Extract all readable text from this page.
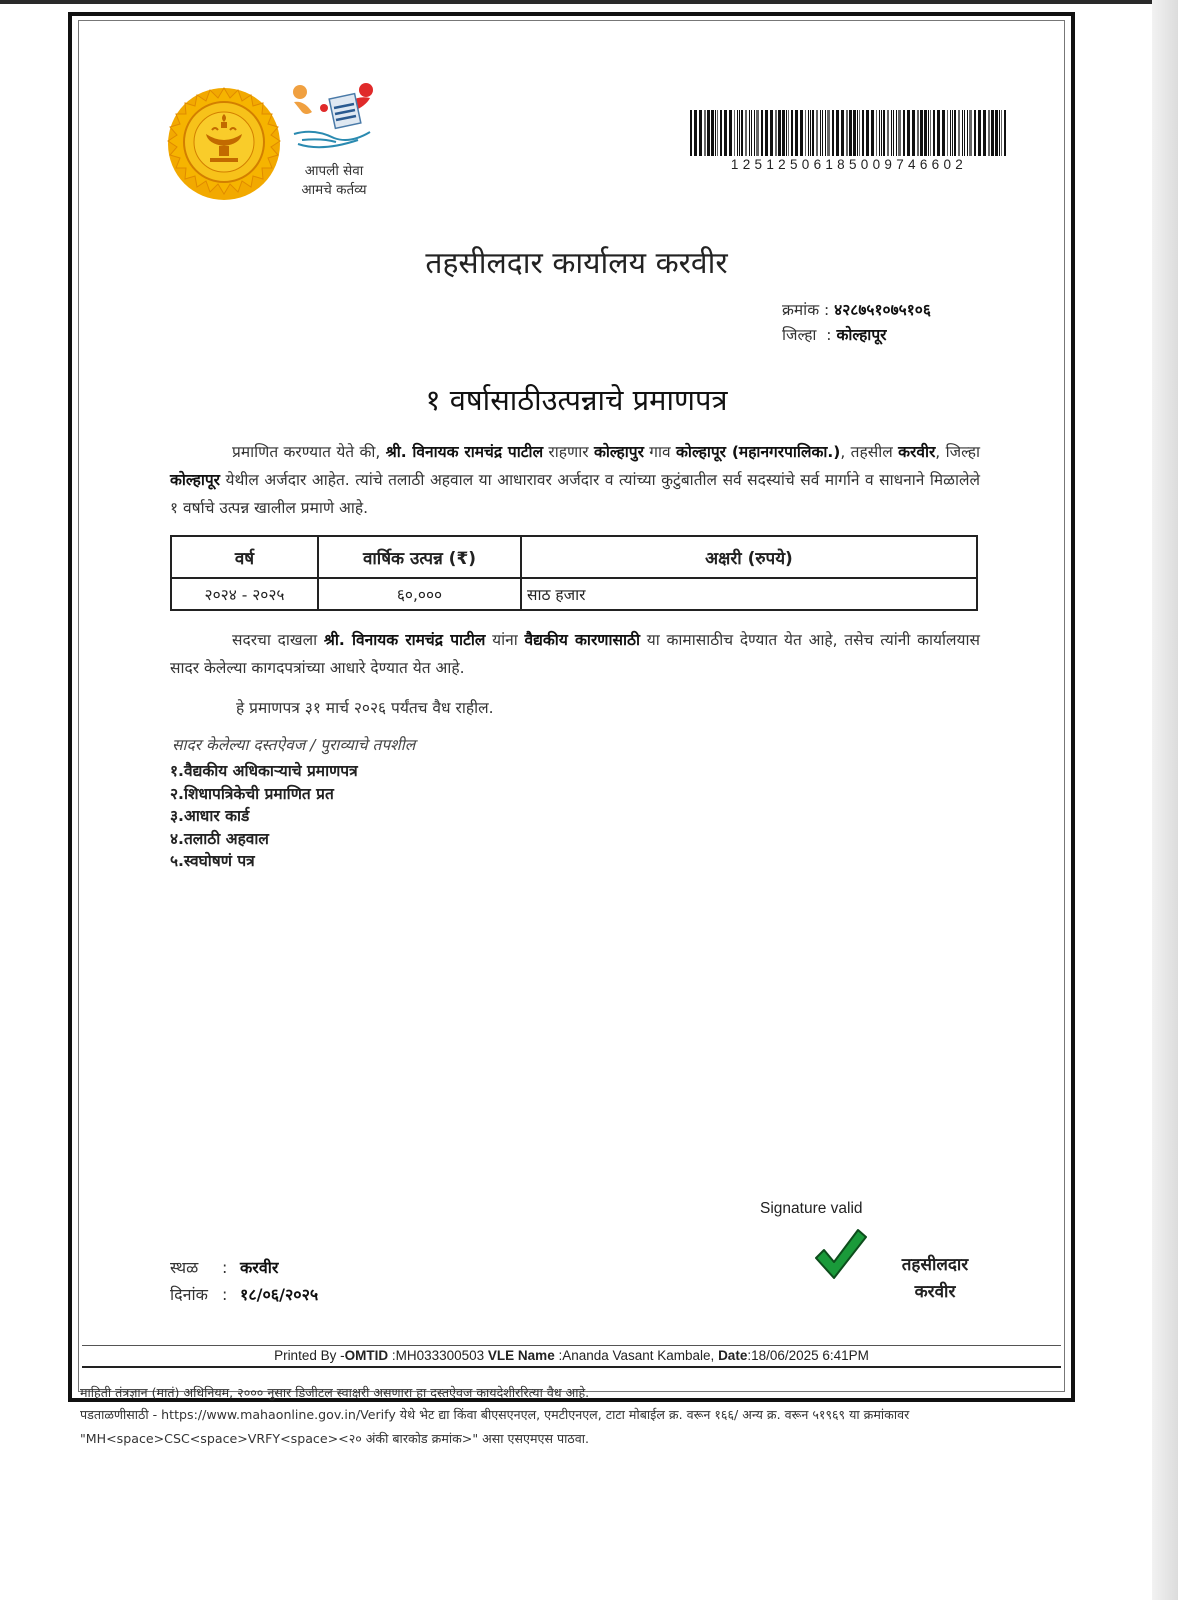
आपली सेवा
आमचे कर्तव्य
12512506185009746602
तहसीलदार कार्यालय करवीर
क्रमांक : ४२८७५१०७५१०६
जिल्हा  : कोल्हापूर
१ वर्षासाठीउत्पन्नाचे प्रमाणपत्र
प्रमाणित करण्यात येते की, श्री. विनायक रामचंद्र पाटील राहणार कोल्हापुर गाव कोल्हापूर (महानगरपालिका.), तहसील करवीर, जिल्हा कोल्हापूर येथील अर्जदार आहेत. त्यांचे तलाठी अहवाल या आधारावर अर्जदार व त्यांच्या कुटुंबातील सर्व सदस्यांचे सर्व मार्गाने व साधनाने मिळालेले १ वर्षाचे उत्पन्न खालील प्रमाणे आहे.
वर्ष	वार्षिक उत्पन्न (₹)	अक्षरी (रुपये)
२०२४ - २०२५	६०,०००	साठ हजार
सदरचा दाखला श्री. विनायक रामचंद्र पाटील यांना वैद्यकीय कारणासाठी या कामासाठीच देण्यात येत आहे, तसेच त्यांनी कार्यालयास सादर केलेल्या कागदपत्रांच्या आधारे देण्यात येत आहे.
हे प्रमाणपत्र ३१ मार्च २०२६ पर्यंतच वैध राहील.
सादर केलेल्या दस्तऐवज / पुराव्याचे तपशील
१.वैद्यकीय अधिकाऱ्याचे प्रमाणपत्र
२.शिधापत्रिकेची प्रमाणित प्रत
३.आधार कार्ड
४.तलाठी अहवाल
५.स्वघोषणं पत्र
Signature valid
तहसीलदार
करवीर
स्थळ : करवीर
दिनांक : १८/०६/२०२५
Printed By -OMTID :MH033300503 VLE Name :Ananda Vasant Kambale, Date:18/06/2025 6:41PM
माहिती तंत्रज्ञान (मातं) अधिनियम, २००० नुसार डिजीटल स्वाक्षरी असणारा हा दस्तऐवज कायदेशीररित्या वैध आहे.
पडताळणीसाठी - https://www.mahaonline.gov.in/Verify येथे भेट द्या किंवा बीएसएनएल, एमटीएनएल, टाटा मोबाईल क्र. वरून १६६/ अन्य क्र. वरून ५१९६९ या क्रमांकावर
"MH<space>CSC<space>VRFY<space><२० अंकी बारकोड क्रमांक>" असा एसएमएस पाठवा.
